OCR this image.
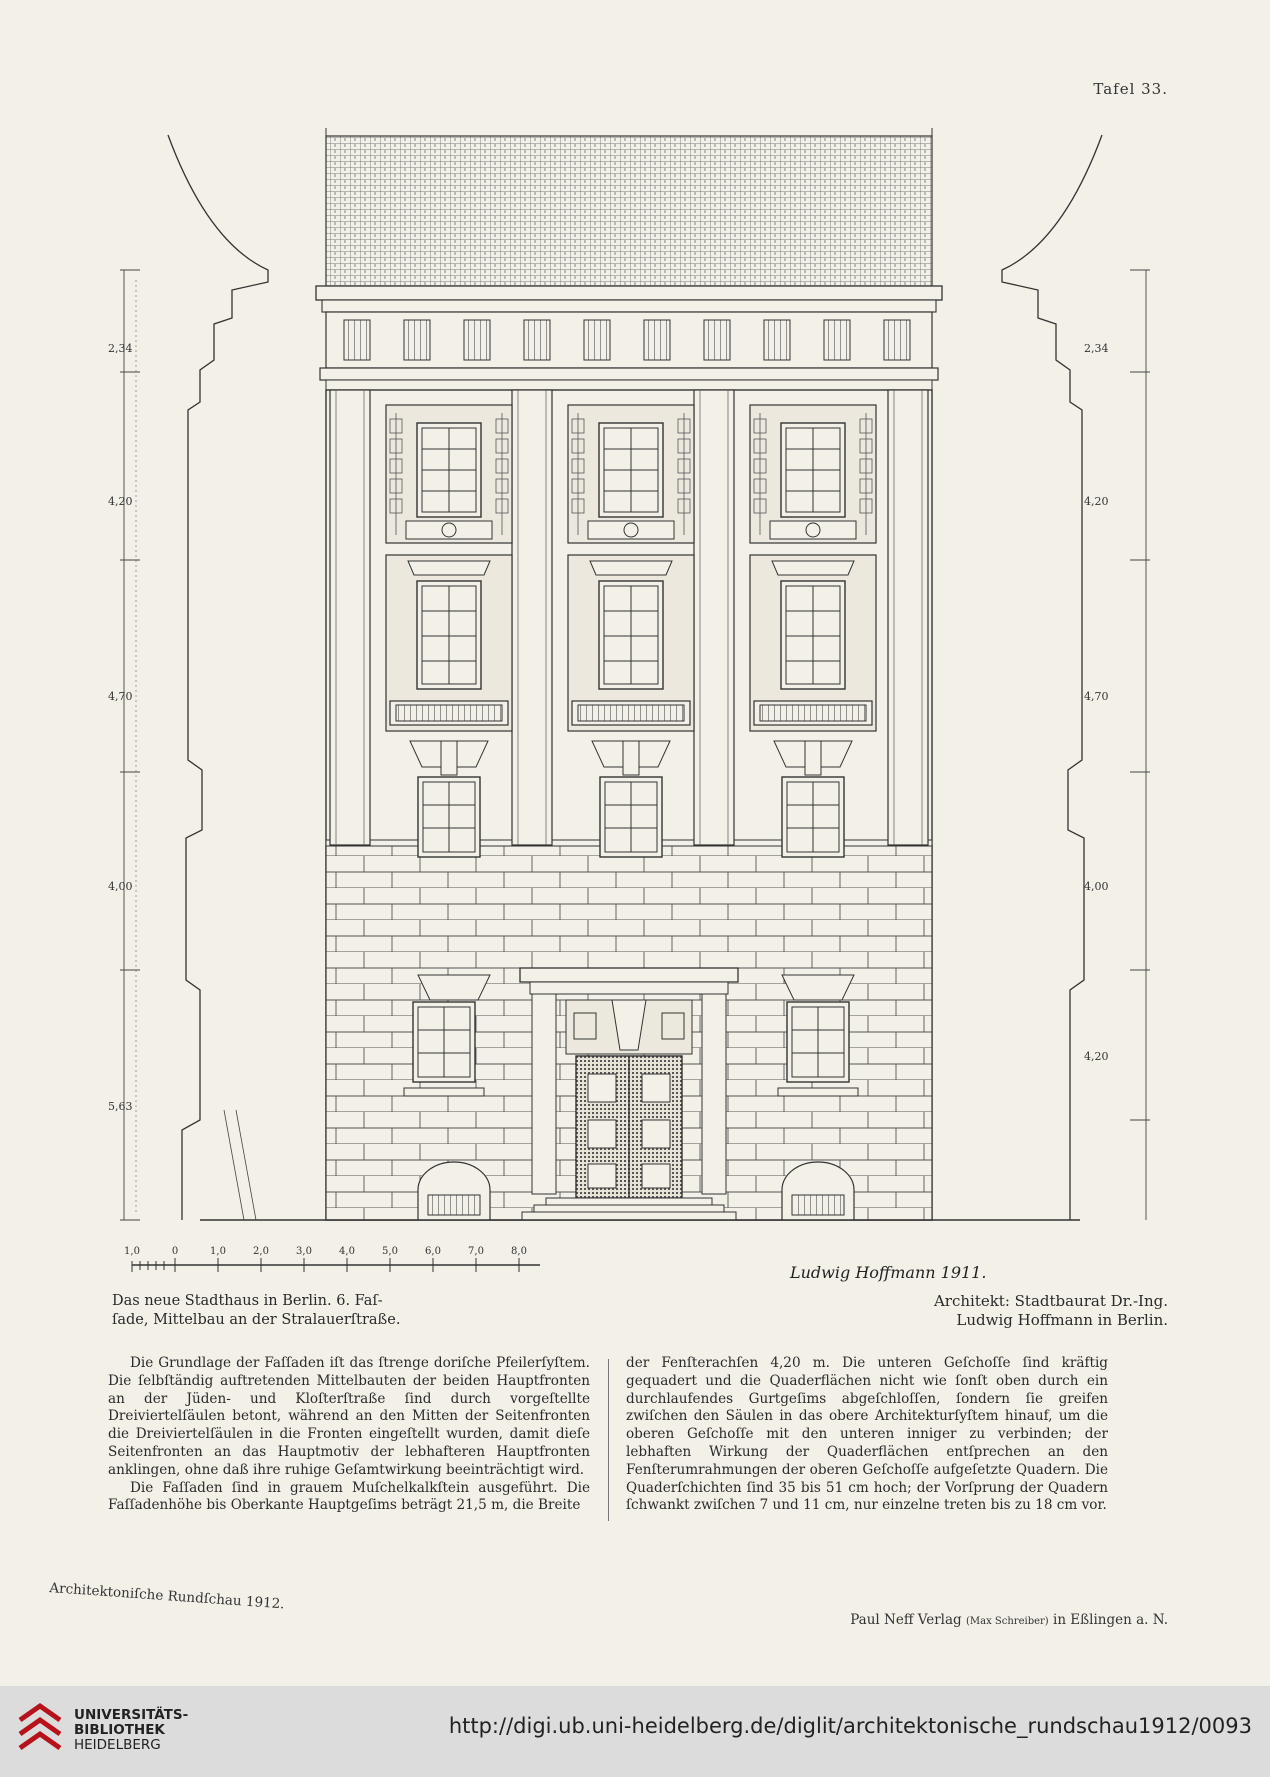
Tafel 33.
2,34
4,20
4,70
4,00
5,63
2,34
4,20
4,70
4,00
4,20
1,0	0	1,0	2,0	3,0	4,0	5,0	6,0	7,0	8,0
Ludwig Hoffmann 1911.
Das neue Stadthaus in Berlin. 6. Faſ-
ſade, Mittelbau an der Stralauerſtraße.
Architekt: Stadtbaurat Dr.-Ing.
Ludwig Hoffmann in Berlin.

Die Grundlage der Faſſaden iſt das ſtrenge doriſche Pfeilerſyſtem. Die ſelbſtändig auftretenden Mittelbauten der beiden Hauptfronten an der Jüden- und Kloſterſtraße ſind durch vorgeſtellte Dreiviertelſäulen betont, während an den Mitten der Seitenfronten die Dreiviertelſäulen in die Fronten eingeſtellt wurden, damit dieſe Seitenfronten an das Hauptmotiv der lebhafteren Hauptfronten anklingen, ohne daß ihre ruhige Geſamtwirkung beeinträchtigt wird.

Die Faſſaden ſind in grauem Muſchelkalkſtein ausgeführt. Die Faſſadenhöhe bis Oberkante Hauptgeſims beträgt 21,5 m, die Breite

der Fenſterachſen 4,20 m. Die unteren Geſchoſſe ſind kräftig gequadert und die Quaderflächen nicht wie ſonſt oben durch ein durchlaufendes Gurtgeſims abgeſchloſſen, ſondern ſie greifen zwiſchen den Säulen in das obere Architekturſyſtem hinauf, um die oberen Geſchoſſe mit den unteren inniger zu verbinden; der lebhaften Wirkung der Quaderflächen entſprechen an den Fenſterumrahmungen der oberen Geſchoſſe aufgeſetzte Quadern. Die Quaderſchichten ſind 35 bis 51 cm hoch; der Vorſprung der Quadern ſchwankt zwiſchen 7 und 11 cm, nur einzelne treten bis zu 18 cm vor.

Architektoniſche Rundſchau 1912.
Paul Neff Verlag (Max Schreiber) in Eßlingen a. N.
UNIVERSITÄTS-
BIBLIOTHEK
HEIDELBERG
http://digi.ub.uni-heidelberg.de/diglit/architektonische_rundschau1912/0093
